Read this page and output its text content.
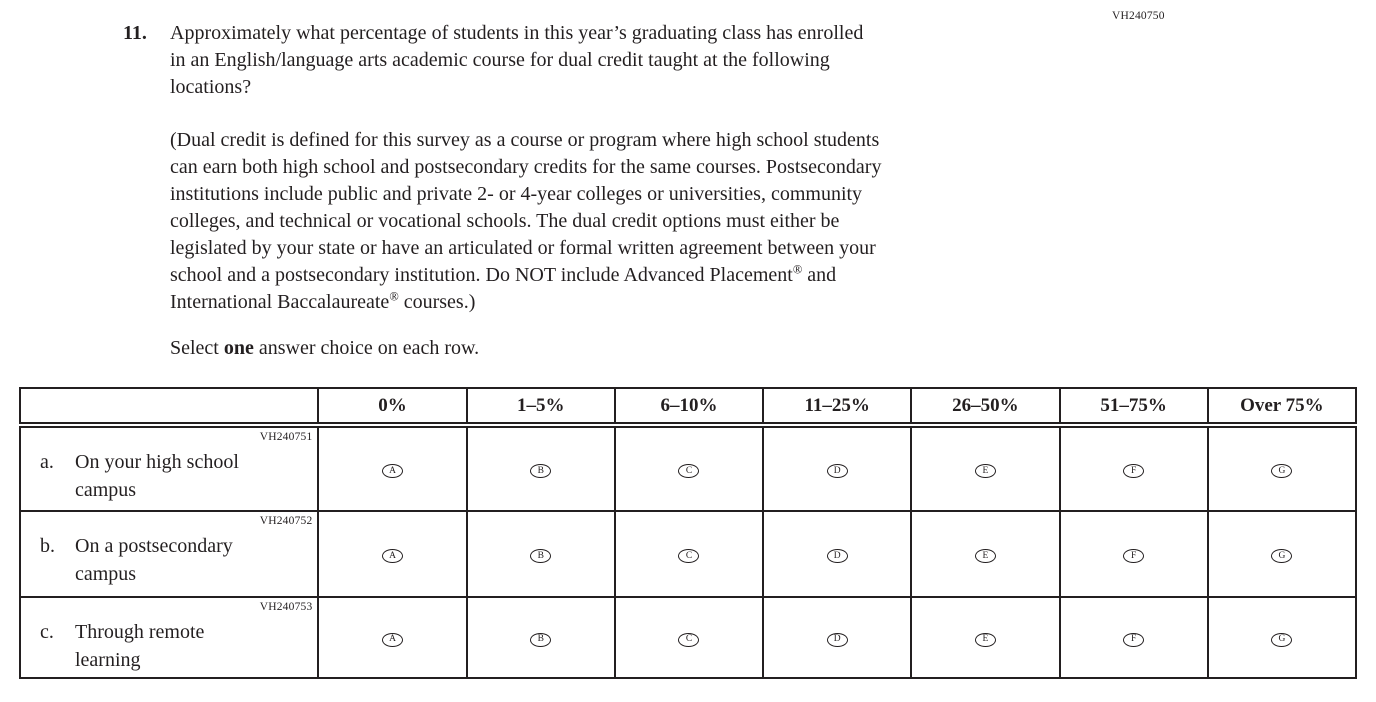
VH240750
11.	Approximately what percentage of students in this year’s graduating class has enrolled
in an English/language arts academic course for dual credit taught at the following
locations?
(Dual credit is defined for this survey as a course or program where high school students
can earn both high school and postsecondary credits for the same courses. Postsecondary
institutions include public and private 2- or 4-year colleges or universities, community
colleges, and technical or vocational schools. The dual credit options must either be
legislated by your state or have an articulated or formal written agreement between your
school and a postsecondary institution. Do NOT include Advanced Placement® and
International Baccalaureate® courses.)
Select one answer choice on each row.
	0%	1–5%	6–10%	11–25%	26–50%	51–75%	Over 75%

VH240751
a. On your high school
campus	A	B	C	D	E	F	G

VH240752
b. On a postsecondary
campus	A	B	C	D	E	F	G

VH240753
c. Through remote
learning	A	B	C	D	E	F	G
